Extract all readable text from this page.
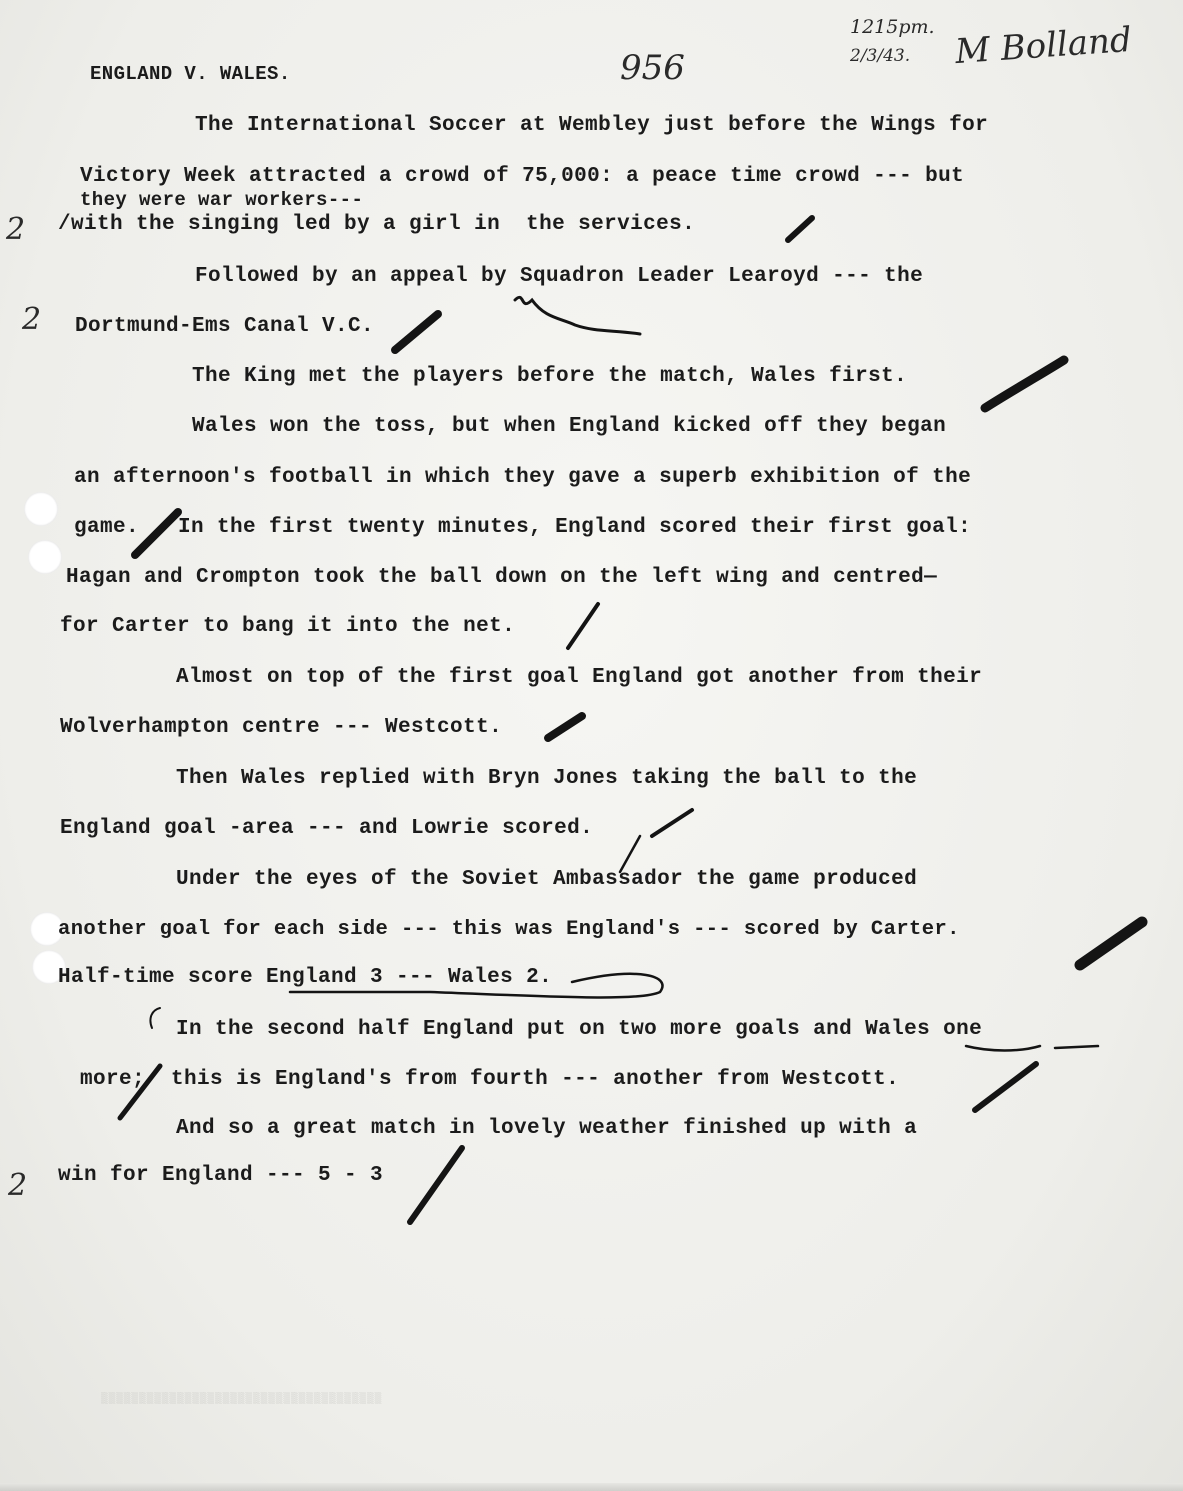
956
1215pm.
2/3/43. M Bolland
2
2
2
ENGLAND V. WALES.
The International Soccer at Wembley just before the Wings for
Victory Week attracted a crowd of 75,000: a peace time crowd --- but
they were war workers---
/with the singing led by a girl in  the services.
Followed by an appeal by Squadron Leader Learoyd --- the
Dortmund-Ems Canal V.C.
The King met the players before the match, Wales first.
Wales won the toss, but when England kicked off they began
an afternoon's football in which they gave a superb exhibition of the
game.   In the first twenty minutes, England scored their first goal:
Hagan and Crompton took the ball down on the left wing and centred—
for Carter to bang it into the net.
Almost on top of the first goal England got another from their
Wolverhampton centre --- Westcott.
Then Wales replied with Bryn Jones taking the ball to the
England goal -area --- and Lowrie scored.
Under the eyes of the Soviet Ambassador the game produced
another goal for each side --- this was England's --- scored by Carter.
Half-time score England 3 --- Wales 2.
In the second half England put on two more goals and Wales one
more;  this is England's from fourth --- another from Westcott.
And so a great match in lovely weather finished up with a
win for England --- 5 - 3
▒▒▒▒▒▒▒▒▒▒▒▒▒▒▒▒▒▒▒▒▒▒▒▒▒▒▒▒▒▒▒▒▒▒▒▒▒
